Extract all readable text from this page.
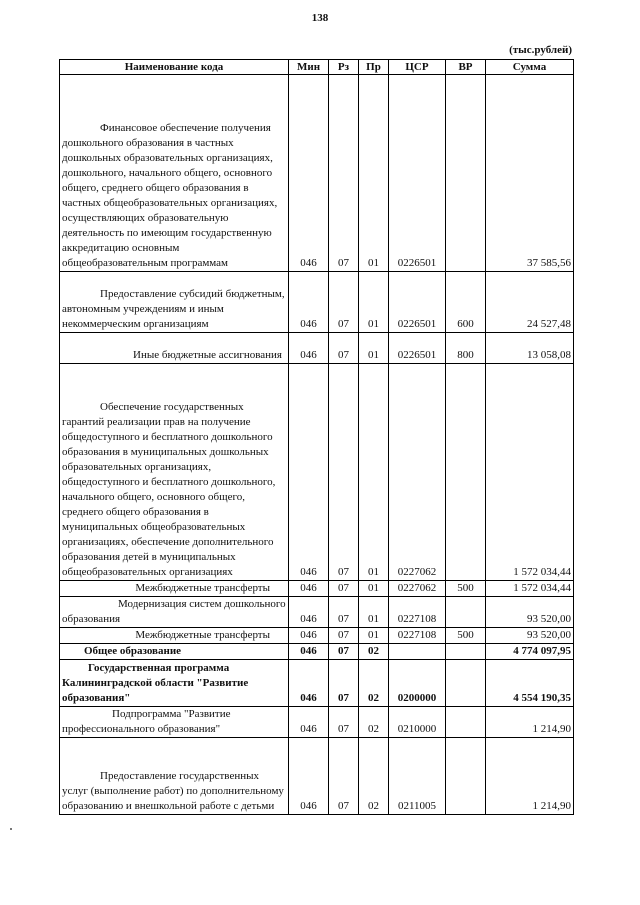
138
(тыс.рублей)
Наименование кода	Мин	Рз	Пр	ЦСР	ВР	Сумма
Финансовое обеспечение получения дошкольного образования в частных дошкольных образовательных организациях, дошкольного, начального общего, основного общего, среднего общего образования в частных общеобразовательных организациях, осуществляющих образовательную деятельность по имеющим государственную аккредитацию основным общеобразовательным программам	046	07	01	0226501		37 585,56
Предоставление субсидий бюджетным, автономным учреждениям и иным некоммерческим организациям	046	07	01	0226501	600	24 527,48
Иные бюджетные ассигнования	046	07	01	0226501	800	13 058,08
Обеспечение государственных гарантий реализации прав на получение общедоступного и бесплатного дошкольного образования в муниципальных дошкольных образовательных организациях, общедоступного и бесплатного дошкольного, начального общего, основного общего, среднего общего образования в муниципальных общеобразовательных организациях, обеспечение дополнительного образования детей в муниципальных общеобразовательных организациях	046	07	01	0227062		1 572 034,44
Межбюджетные трансферты	046	07	01	0227062	500	1 572 034,44
Модернизация систем дошкольного образования	046	07	01	0227108		93 520,00
Межбюджетные трансферты	046	07	01	0227108	500	93 520,00
Общее образование	046	07	02			4 774 097,95
Государственная программа Калининградской области "Развитие образования"	046	07	02	0200000		4 554 190,35
Подпрограмма "Развитие профессионального образования"	046	07	02	0210000		1 214,90
Предоставление государственных услуг (выполнение работ) по дополнительному образованию и внешкольной работе с детьми	046	07	02	0211005		1 214,90
